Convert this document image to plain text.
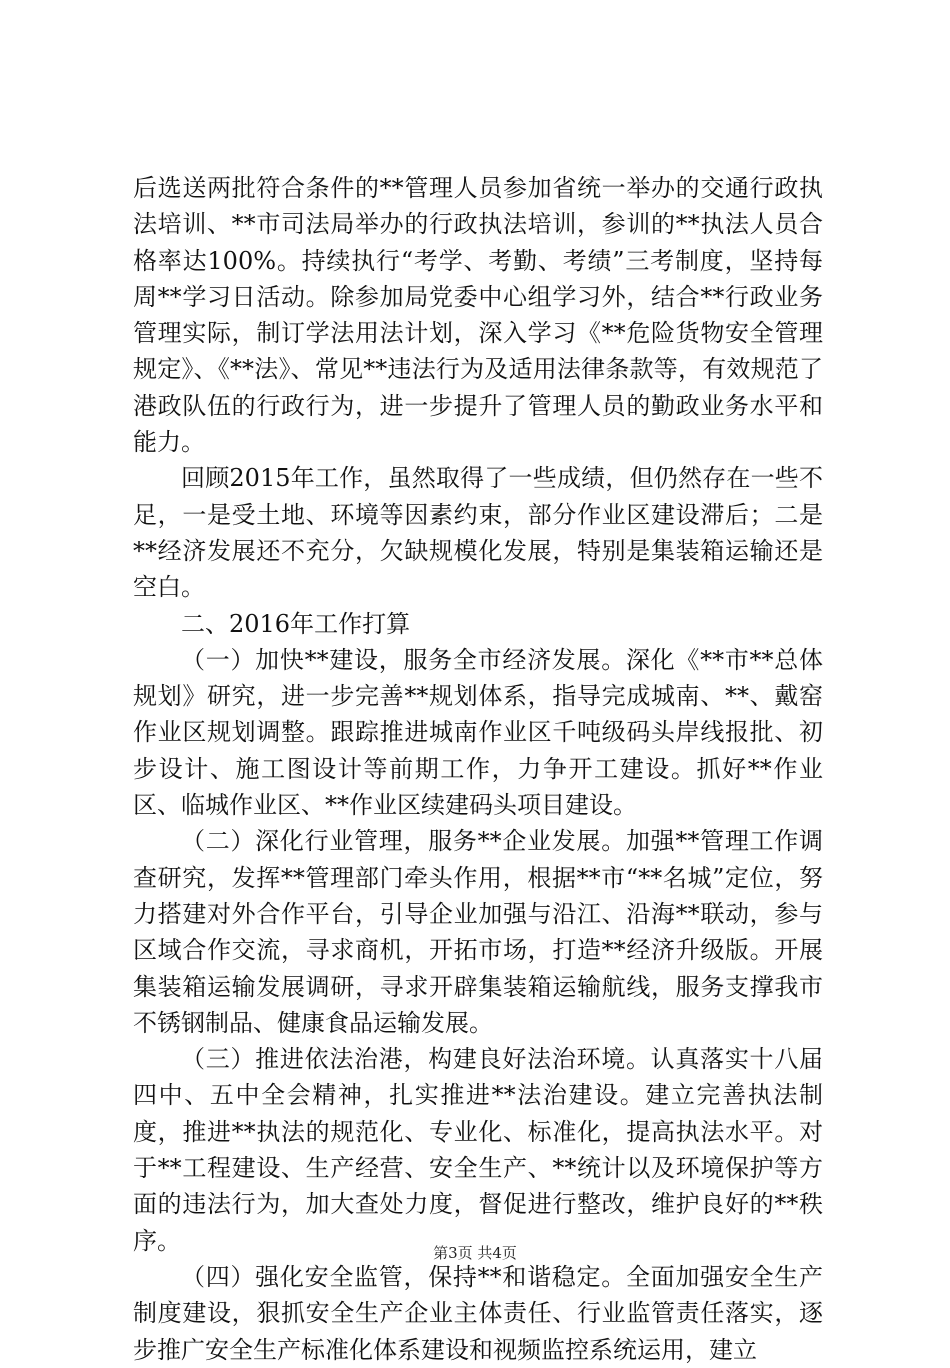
后选送两批符合条件的**管理人员参加省统一举办的交通行政执法培训、**市司法局举办的行政执法培训，参训的**执法人员合格率达100%。持续执行“考学、考勤、考绩”三考制度，坚持每周**学习日活动。除参加局党委中心组学习外，结合**行政业务管理实际，制订学法用法计划，深入学习《**危险货物安全管理规定》、《**法》、常见**违法行为及适用法律条款等，有效规范了港政队伍的行政行为，进一步提升了管理人员的勤政业务水平和能力。

回顾2015年工作，虽然取得了一些成绩，但仍然存在一些不足，一是受土地、环境等因素约束，部分作业区建设滞后；二是**经济发展还不充分，欠缺规模化发展，特别是集装箱运输还是空白。

二、2016年工作打算

（一）加快**建设，服务全市经济发展。深化《**市**总体规划》研究，进一步完善**规划体系，指导完成城南、**、戴窑作业区规划调整。跟踪推进城南作业区千吨级码头岸线报批、初步设计、施工图设计等前期工作，力争开工建设。抓好**作业区、临城作业区、**作业区续建码头项目建设。

（二）深化行业管理，服务**企业发展。加强**管理工作调查研究，发挥**管理部门牵头作用，根据**市“**名城”定位，努力搭建对外合作平台，引导企业加强与沿江、沿海**联动，参与区域合作交流，寻求商机，开拓市场，打造**经济升级版。开展集装箱运输发展调研，寻求开辟集装箱运输航线，服务支撑我市不锈钢制品、健康食品运输发展。

（三）推进依法治港，构建良好法治环境。认真落实十八届四中、五中全会精神，扎实推进**法治建设。建立完善执法制度，推进**执法的规范化、专业化、标准化，提高执法水平。对于**工程建设、生产经营、安全生产、**统计以及环境保护等方面的违法行为，加大查处力度，督促进行整改，维护良好的**秩序。

（四）强化安全监管，保持**和谐稳定。全面加强安全生产制度建设，狠抓安全生产企业主体责任、行业监管责任落实，逐步推广安全生产标准化体系建设和视频监控系统运用，建立

第3页 共4页
